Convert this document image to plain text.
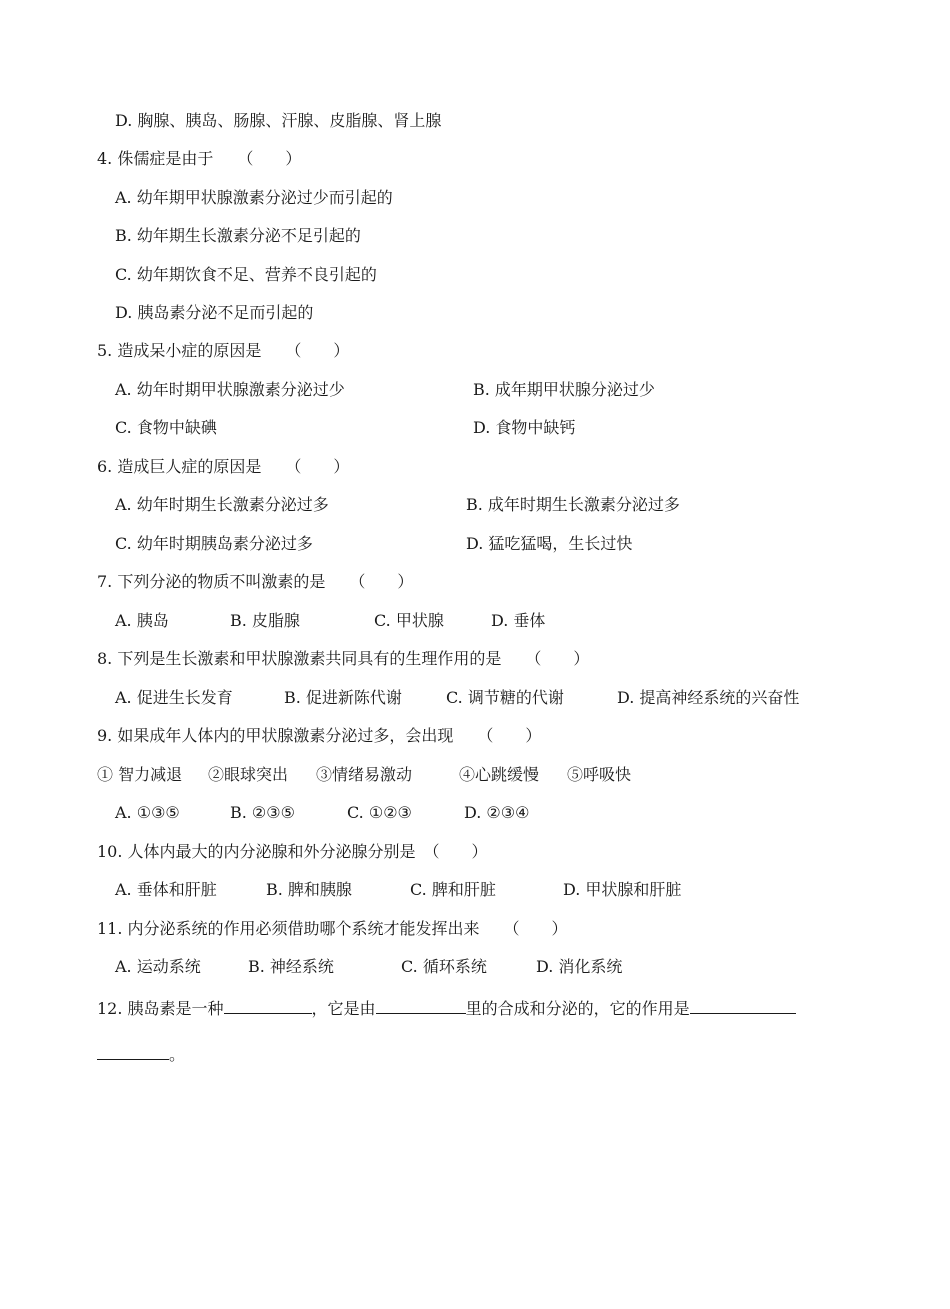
D. 胸腺、胰岛、肠腺、汗腺、皮脂腺、肾上腺
4. 侏儒症是由于　　（　　）
A. 幼年期甲状腺激素分泌过少而引起的
B. 幼年期生长激素分泌不足引起的
C. 幼年期饮食不足、营养不良引起的
D. 胰岛素分泌不足而引起的
5. 造成呆小症的原因是　　（　　）
A. 幼年时期甲状腺激素分泌过少	B. 成年期甲状腺分泌过少
C. 食物中缺碘	D. 食物中缺钙
6. 造成巨人症的原因是　　（　　）
A. 幼年时期生长激素分泌过多	B. 成年时期生长激素分泌过多
C. 幼年时期胰岛素分泌过多	D. 猛吃猛喝，生长过快
7. 下列分泌的物质不叫激素的是　　（　　）
A. 胰岛	B. 皮脂腺	C. 甲状腺	D. 垂体
8. 下列是生长激素和甲状腺激素共同具有的生理作用的是　　（　　）
A. 促进生长发育	B. 促进新陈代谢	C. 调节糖的代谢	D. 提高神经系统的兴奋性
9. 如果成年人体内的甲状腺激素分泌过多，会出现　　（　　）
① 智力减退 ②眼球突出 ③情绪易激动	④心跳缓慢 ⑤呼吸快
A. ①③⑤	B. ②③⑤	C. ①②③	D. ②③④
10. 人体内最大的内分泌腺和外分泌腺分别是　（　　）
A. 垂体和肝脏	B. 脾和胰腺	C. 脾和肝脏	D. 甲状腺和肝脏
11. 内分泌系统的作用必须借助哪个系统才能发挥出来　　（　　）
A. 运动系统	B. 神经系统	C. 循环系统	D. 消化系统
12. 胰岛素是一种	，它是由	里的合成和分泌的，它的作用是
。
